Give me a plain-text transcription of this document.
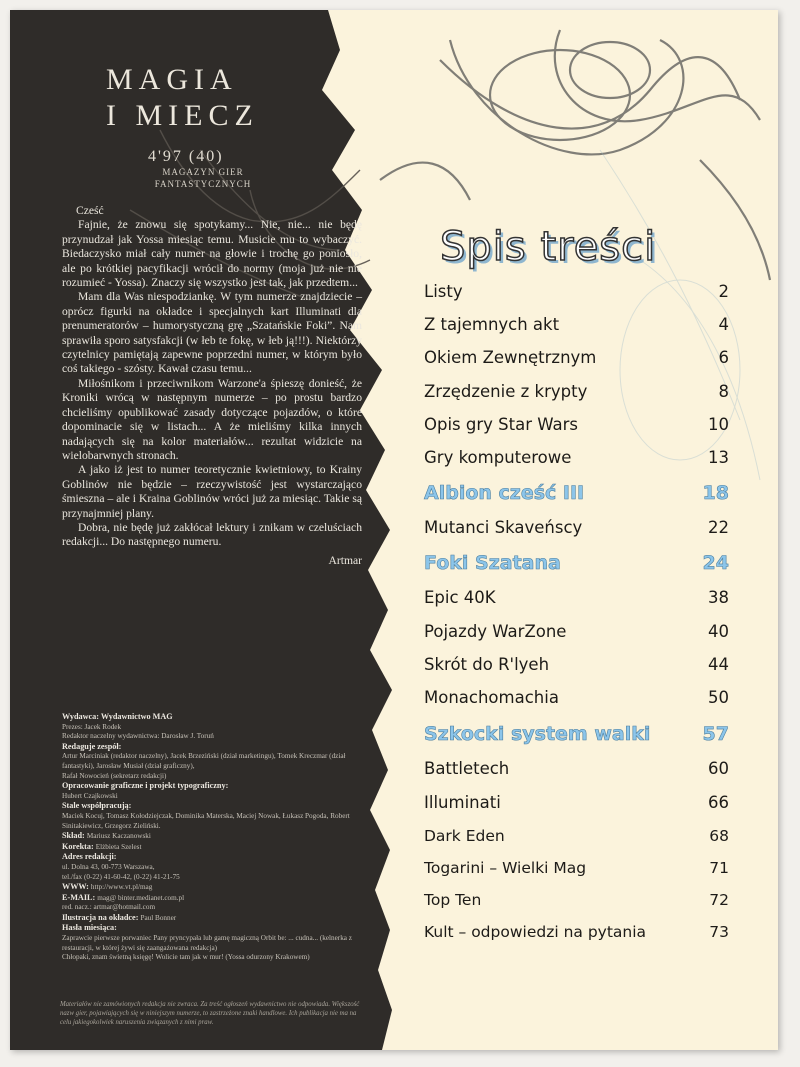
MAGIA
I MIECZ
4'97 (40)
MAGAZYN GIER FANTASTYCZNYCH

Cześć

Fajnie, że znowu się spotykamy... Nie, nie... nie będę przynudzał jak Yossa miesiąc temu. Musicie mu to wybaczyć. Biedaczysko miał cały numer na głowie i trochę go poniosło, ale po krótkiej pacyfikacji wrócił do normy (moja już nie nie rozumieć - Yossa). Znaczy się wszystko jest tak, jak przedtem...

Mam dla Was niespodziankę. W tym numerze znajdziecie – oprócz figurki na okładce i specjalnych kart Illuminati dla prenumeratorów – humorystyczną grę „Szatańskie Foki”. Nam sprawiła sporo satysfakcji (w łeb te fokę, w łeb ją!!!). Niektórzy czytelnicy pamiętają zapewne poprzedni numer, w którym było coś takiego - szósty. Kawał czasu temu...

Miłośnikom i przeciwnikom Warzone'a śpieszę donieść, że Kroniki wrócą w następnym numerze – po prostu bardzo chcieliśmy opublikować zasady dotyczące pojazdów, o które dopominacie się w listach... A że mieliśmy kilka innych nadających się na kolor materiałów... rezultat widzicie na wielobarwnych stronach.

A jako iż jest to numer teoretycznie kwietniowy, to Krainy Goblinów nie będzie – rzeczywistość jest wystarczająco śmieszna – ale i Kraina Goblinów wróci już za miesiąc. Takie są przynajmniej plany.

Dobra, nie będę już zakłócał lektury i znikam w czeluściach redakcji... Do następnego numeru.

Artmar

Wydawca: Wydawnictwo MAG
Prezes: Jacek Rodek
Redaktor naczelny wydawnictwa: Darosław J. Toruń
Redaguje zespół:
Artur Marciniak (redaktor naczelny), Jacek Brzeziński (dział marketingu), Tomek Kreczmar (dział fantastyki), Jarosław Musiał (dział graficzny),
Rafał Nowocień (sekretarz redakcji)
Opracowanie graficzne i projekt typograficzny:
Hubert Czajkowski
Stale współpracują:
Maciek Kocuj, Tomasz Kołodziejczak, Dominika Materska, Maciej Nowak, Łukasz Pogoda, Robert Sinitakiewicz, Grzegorz Zieliński.
Skład: Mariusz Kaczanowski
Korekta: Elżbieta Szelest
Adres redakcji:
ul. Dolna 43, 00-773 Warszawa,
tel./fax (0-22) 41-60-42, (0-22) 41-21-75
WWW: http://www.vt.pl/mag
E-MAIL: mag@ binter.medianet.com.pl
red. nacz.: artmar@hotmail.com
Ilustracja na okładce: Paul Bonner
Hasła miesiąca:
Zaprawcie pierwsze porwaniec Pany pryncypała lub gamę magiczną Orbit be: ... cudna... (kelnerka z restauracji, w której żywi się zaangażowana redakcja)
Chłopaki, znam świetną księgę! Wolicie tam jak w mur! (Yossa odurzony Krakowem)
Materiałów nie zamówionych redakcja nie zwraca. Za treść ogłoszeń wydawnictwo nie odpowiada. Większość nazw gier, pojawiających się w niniejszym numerze, to zastrzeżone znaki handlowe. Ich publikacja nie ma na celu jakiegokolwiek naruszenia związanych z nimi praw.
Spis treści
Listy	2
Z tajemnych akt	4
Okiem Zewnętrznym	6
Zrzędzenie z krypty	8
Opis gry Star Wars	10
Gry komputerowe	13
Albion cześć III	18
Mutanci Skaveńscy	22
Foki Szatana	24
Epic 40K	38
Pojazdy WarZone	40
Skrót do R'lyeh	44
Monachomachia	50
Szkocki system walki	57
Battletech	60
Illuminati	66
Dark Eden	68
Togarini – Wielki Mag	71
Top Ten	72
Kult – odpowiedzi na pytania	73
